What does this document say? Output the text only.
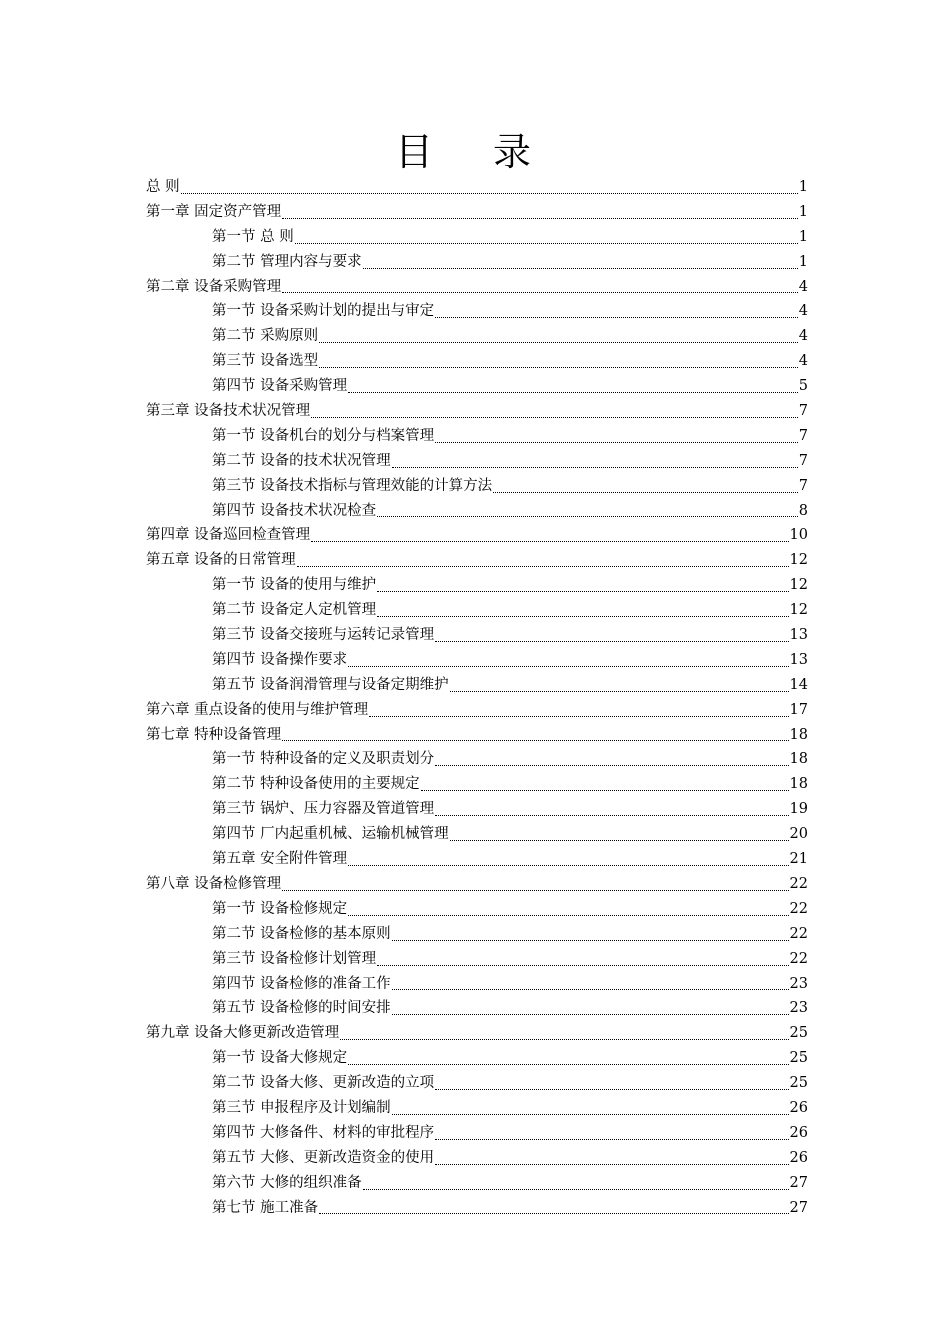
目 录
总 则	1
第一章 固定资产管理	1
第一节 总 则	1
第二节 管理内容与要求	1
第二章 设备采购管理	4
第一节 设备采购计划的提出与审定	4
第二节 采购原则	4
第三节 设备选型	4
第四节 设备采购管理	5
第三章 设备技术状况管理	7
第一节 设备机台的划分与档案管理	7
第二节 设备的技术状况管理	7
第三节 设备技术指标与管理效能的计算方法	7
第四节 设备技术状况检查	8
第四章 设备巡回检查管理	10
第五章 设备的日常管理	12
第一节 设备的使用与维护	12
第二节 设备定人定机管理	12
第三节 设备交接班与运转记录管理	13
第四节 设备操作要求	13
第五节 设备润滑管理与设备定期维护	14
第六章 重点设备的使用与维护管理	17
第七章 特种设备管理	18
第一节 特种设备的定义及职责划分	18
第二节 特种设备使用的主要规定	18
第三节 锅炉、压力容器及管道管理	19
第四节 厂内起重机械、运输机械管理	20
第五章 安全附件管理	21
第八章 设备检修管理	22
第一节 设备检修规定	22
第二节 设备检修的基本原则	22
第三节 设备检修计划管理	22
第四节 设备检修的准备工作	23
第五节 设备检修的时间安排	23
第九章 设备大修更新改造管理	25
第一节 设备大修规定	25
第二节 设备大修、更新改造的立项	25
第三节 申报程序及计划编制	26
第四节 大修备件、材料的审批程序	26
第五节 大修、更新改造资金的使用	26
第六节 大修的组织准备	27
第七节 施工准备	27
